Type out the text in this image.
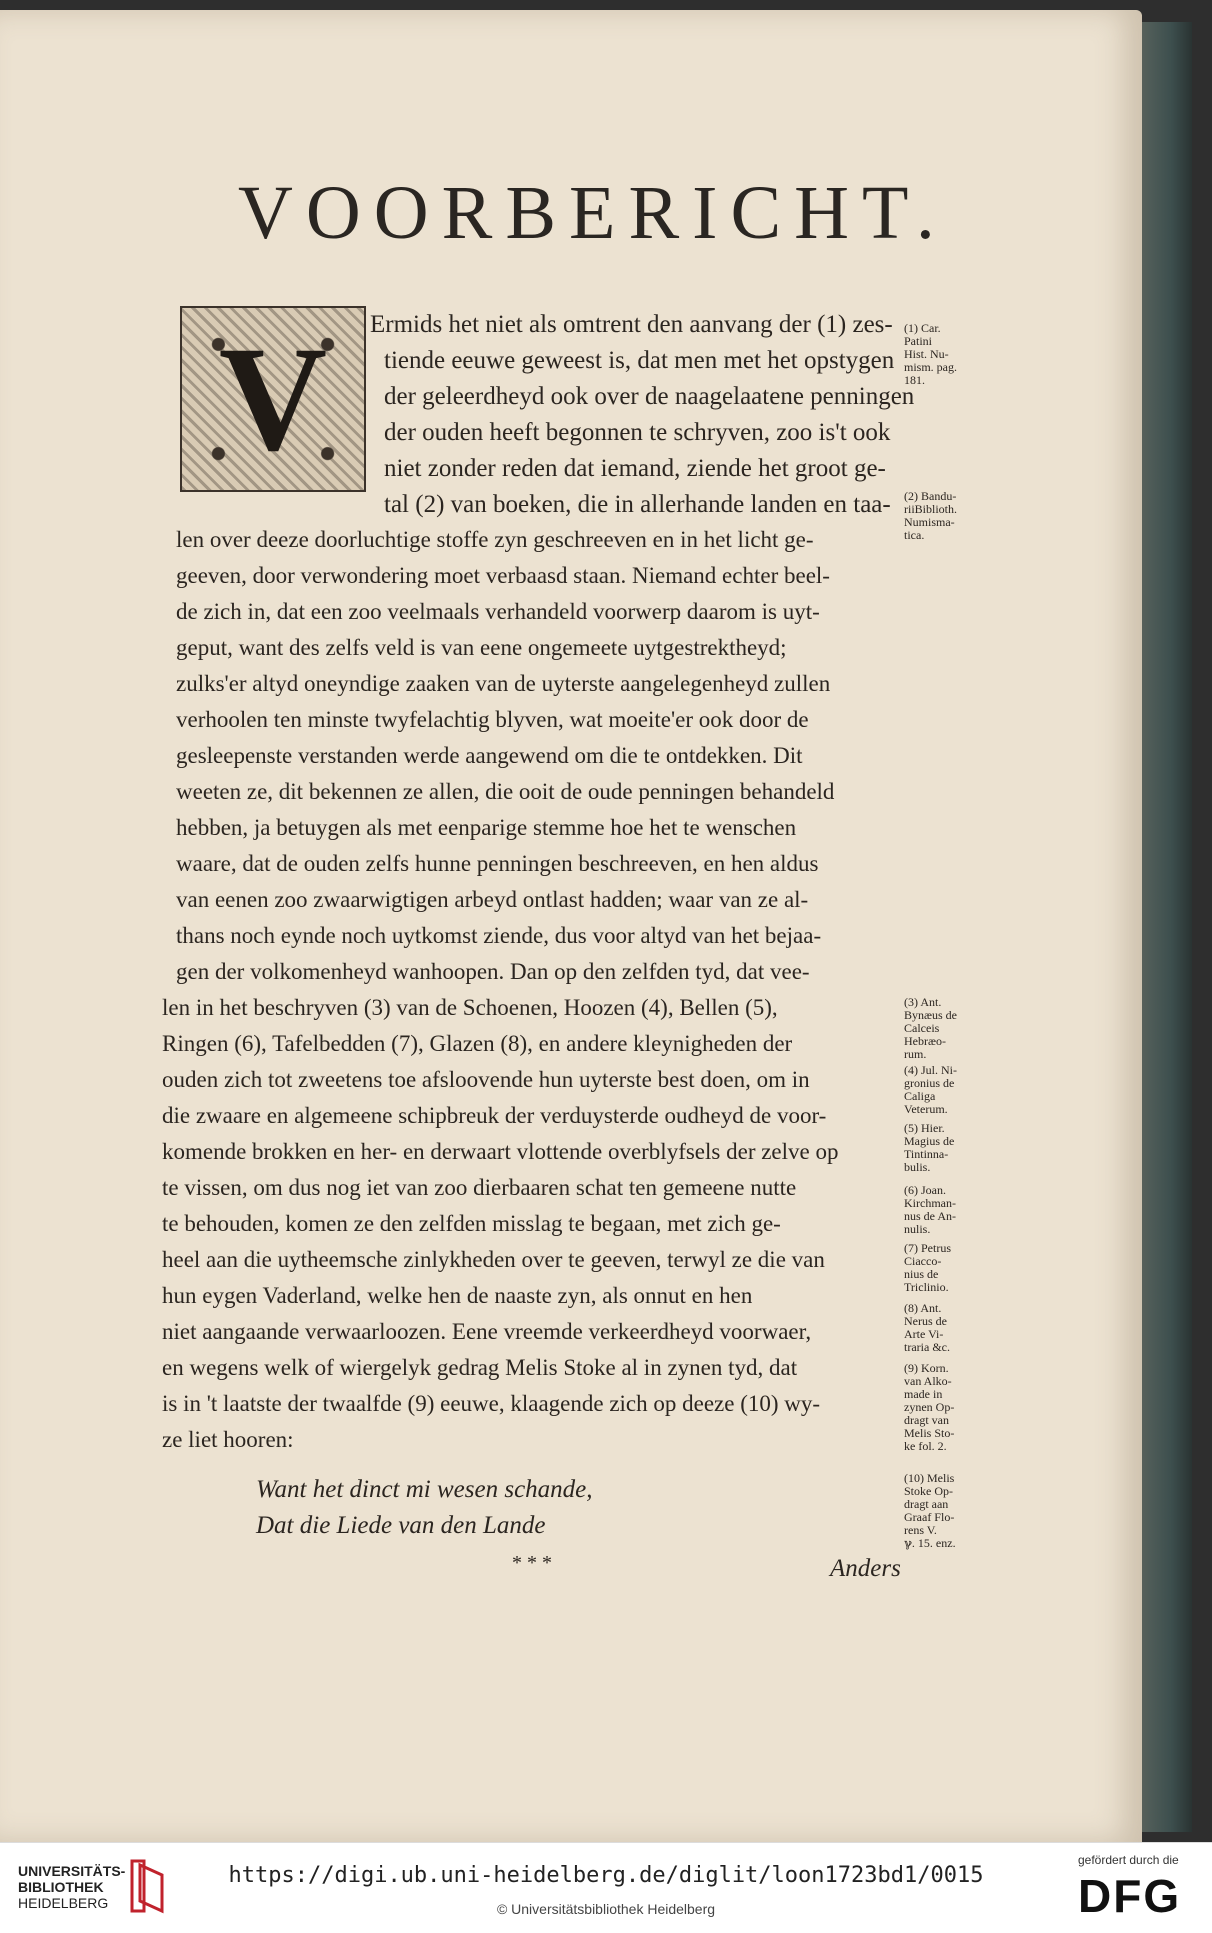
VOORBERICHT.
V Ermids het niet als omtrent den aanvang der (1) zes-

tiende eeuwe geweest is, dat men met het opstygen

der geleerdheyd ook over de naagelaatene penningen

der ouden heeft begonnen te schryven, zoo is't ook

niet zonder reden dat iemand, ziende het groot ge-

tal (2) van boeken, die in allerhande landen en taa-

len over deeze doorluchtige stoffe zyn geschreeven en in het licht ge-

geeven, door verwondering moet verbaasd staan. Niemand echter beel-

de zich in, dat een zoo veelmaals verhandeld voorwerp daarom is uyt-

geput, want des zelfs veld is van eene ongemeete uytgestrektheyd;

zulks'er altyd oneyndige zaaken van de uyterste aangelegenheyd zullen

verhoolen ten minste twyfelachtig blyven, wat moeite'er ook door de

gesleepenste verstanden werde aangewend om die te ontdekken. Dit

weeten ze, dit bekennen ze allen, die ooit de oude penningen behandeld

hebben, ja betuygen als met eenparige stemme hoe het te wenschen

waare, dat de ouden zelfs hunne penningen beschreeven, en hen aldus

van eenen zoo zwaarwigtigen arbeyd ontlast hadden; waar van ze al-

thans noch eynde noch uytkomst ziende, dus voor altyd van het bejaa-

gen der volkomenheyd wanhoopen. Dan op den zelfden tyd, dat vee-

len in het beschryven (3) van de Schoenen, Hoozen (4), Bellen (5),

Ringen (6), Tafelbedden (7), Glazen (8), en andere kleynigheden der

ouden zich tot zweetens toe afsloovende hun uyterste best doen, om in

die zwaare en algemeene schipbreuk der verduysterde oudheyd de voor-

komende brokken en her- en derwaart vlottende overblyfsels der zelve op

te vissen, om dus nog iet van zoo dierbaaren schat ten gemeene nutte

te behouden, komen ze den zelfden misslag te begaan, met zich ge-

heel aan die uytheemsche zinlykheden over te geeven, terwyl ze die van

hun eygen Vaderland, welke hen de naaste zyn, als onnut en hen

niet aangaande verwaarloozen. Eene vreemde verkeerdheyd voorwaer,

en wegens welk of wiergelyk gedrag Melis Stoke al in zynen tyd, dat

is in 't laatste der twaalfde (9) eeuwe, klaagende zich op deeze (10) wy-

ze liet hooren:

Want het dinct mi wesen schande,

Dat die Liede van den Lande

* * *	Anders

(1) Car.
Patini
Hist. Nu-
mism. pag.
181.

(2) Bandu-
riiBiblioth.
Numisma-
tica.

(3) Ant.
Bynæus de
Calceis
Hebræo-
rum.

(4) Jul. Ni-
gronius de
Caliga
Veterum.

(5) Hier.
Magius de
Tintinna-
bulis.

(6) Joan.
Kirchman-
nus de An-
nulis.

(7) Petrus
Ciacco-
nius de
Triclinio.

(8) Ant.
Nerus de
Arte Vi-
traria &c.

(9) Korn.
van Alko-
made in
zynen Op-
dragt van
Melis Sto-
ke fol. 2.

(10) Melis
Stoke Op-
dragt aan
Graaf Flo-
rens V.
ℽ. 15. enz.

UNIVERSITÄTS-
BIBLIOTHEK
HEIDELBERG
https://digi.ub.uni-heidelberg.de/diglit/loon1723bd1/0015
© Universitätsbibliothek Heidelberg
gefördert durch die
DFG
